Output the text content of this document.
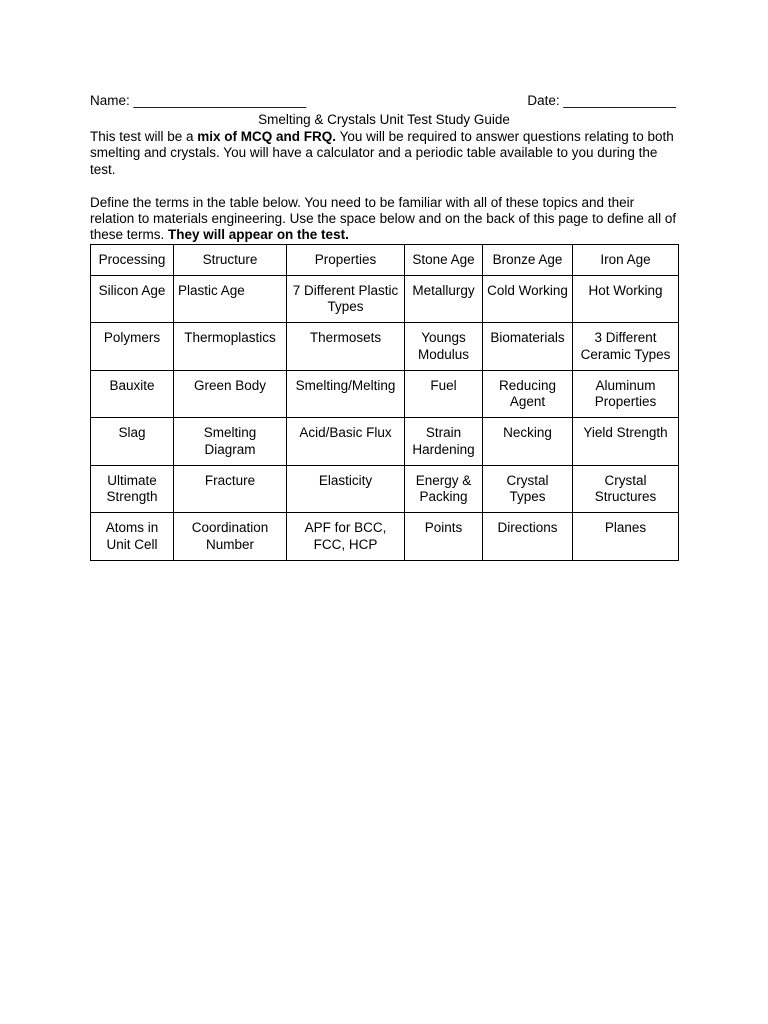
Name: _______________________	Date: _______________
Smelting & Crystals Unit Test Study Guide

This test will be a mix of MCQ and FRQ. You will be required to answer questions relating to both smelting and crystals. You will have a calculator and a periodic table available to you during the test.

Define the terms in the table below. You need to be familiar with all of these topics and their relation to materials engineering. Use the space below and on the back of this page to define all of these terms. They will appear on the test.

Processing	Structure	Properties	Stone Age	Bronze Age	Iron Age
Silicon Age	Plastic Age	7 Different Plastic Types	Metallurgy	Cold Working	Hot Working
Polymers	Thermoplastics	Thermosets	Youngs Modulus	Biomaterials	3 Different Ceramic Types
Bauxite	Green Body	Smelting/Melting	Fuel	Reducing Agent	Aluminum Properties
Slag	Smelting Diagram	Acid/Basic Flux	Strain Hardening	Necking	Yield Strength
Ultimate Strength	Fracture	Elasticity	Energy & Packing	Crystal Types	Crystal Structures
Atoms in Unit Cell	Coordination Number	APF for BCC, FCC, HCP	Points	Directions	Planes
